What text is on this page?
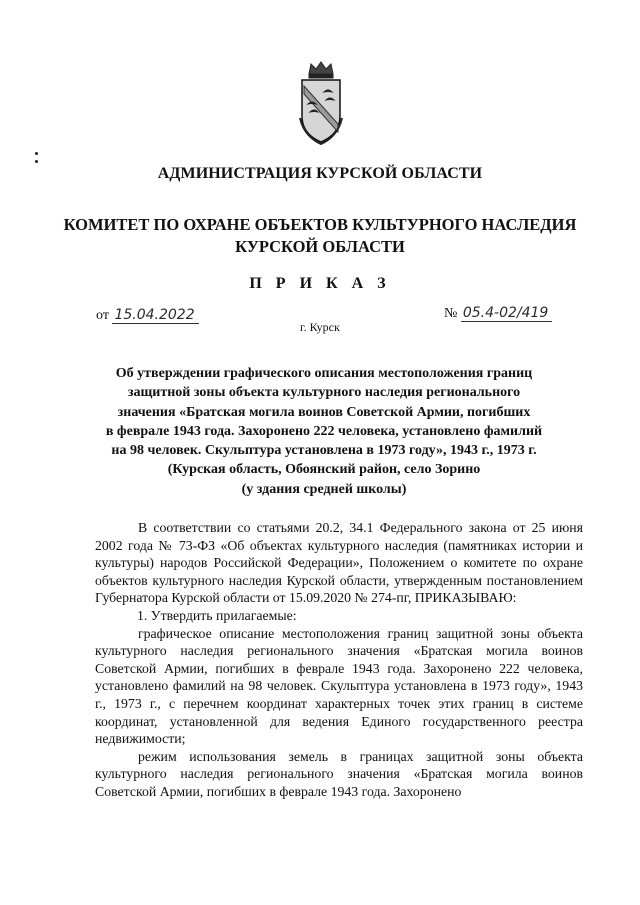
АДМИНИСТРАЦИЯ КУРСКОЙ ОБЛАСТИ
КОМИТЕТ ПО ОХРАНЕ ОБЪЕКТОВ КУЛЬТУРНОГО НАСЛЕДИЯ
КУРСКОЙ ОБЛАСТИ
П Р И К А З
от 15.04.2022	№ 05.4-02/419
г. Курск
Об утверждении графического описания местоположения границ
защитной зоны объекта культурного наследия регионального
значения «Братская могила воинов Советской Армии, погибших
в феврале 1943 года. Захоронено 222 человека, установлено фамилий
на 98 человек. Скульптура установлена в 1973 году», 1943 г., 1973 г.
(Курская область, Обоянский район, село Зорино
(у здания средней школы)

В соответствии со статьями 20.2, 34.1 Федерального закона от 25 июня 2002 года № 73-ФЗ «Об объектах культурного наследия (памятниках истории и культуры) народов Российской Федерации», Положением о комитете по охране объектов культурного наследия Курской области, утвержденным постановлением Губернатора Курской области от 15.09.2020 № 274-пг, ПРИКАЗЫВАЮ:

1. Утвердить прилагаемые:

графическое описание местоположения границ защитной зоны объекта культурного наследия регионального значения «Братская могила воинов Советской Армии, погибших в феврале 1943 года. Захоронено 222 человека, установлено фамилий на 98 человек. Скульптура установлена в 1973 году», 1943 г., 1973 г., с перечнем координат характерных точек этих границ в системе координат, установленной для ведения Единого государственного реестра недвижимости;

режим использования земель в границах защитной зоны объекта культурного наследия регионального значения «Братская могила воинов Советской Армии, погибших в феврале 1943 года. Захоронено
